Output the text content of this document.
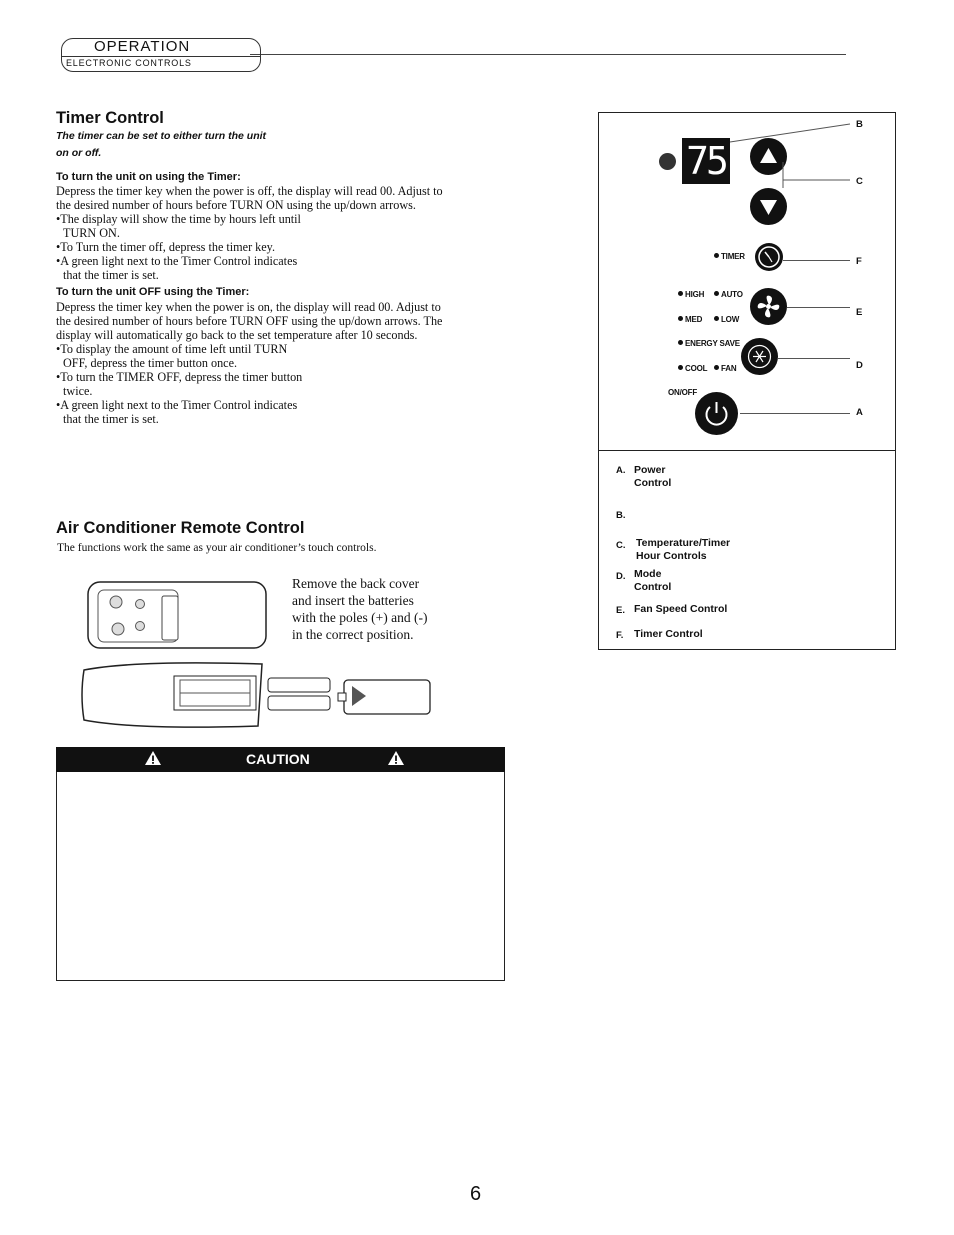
OPERATION
ELECTRONIC CONTROLS
Timer Control
The timer can be set to either turn the unit
on or off.
To turn the unit on using the Timer:

Depress the timer key when the power is off, the display will read 00. Adjust to

the desired number of hours before TURN ON using the up/down arrows.

•The display will show the time by hours left until

TURN ON.

•To Turn the timer off, depress the timer key.

•A green light next to the Timer Control indicates

that the timer is set.

To turn the unit OFF using the Timer:

Depress the timer key when the power is on, the display will read 00. Adjust to

the desired number of hours before TURN OFF using the up/down arrows. The

display will automatically go back to the set temperature after 10 seconds.

•To display the amount of time left until TURN

OFF, depress the timer button once.

•To turn the TIMER OFF, depress the timer button

twice.

•A green light next to the Timer Control indicates

that the timer is set.

Air Conditioner Remote Control
The functions work the same as your air conditioner’s touch controls.
Remove the back cover
and insert the batteries
with the poles (+) and (-)
in the correct position.
CAUTION
75
B
C
F
E
D
A
TIMER
HIGH	AUTO
MED	LOW
ENERGY SAVE
COOL	FAN
ON/OFF
A. Power
Control
B.
C. Temperature/Timer
Hour Controls
D. Mode
Control
E. Fan Speed Control
F. Timer Control
6
